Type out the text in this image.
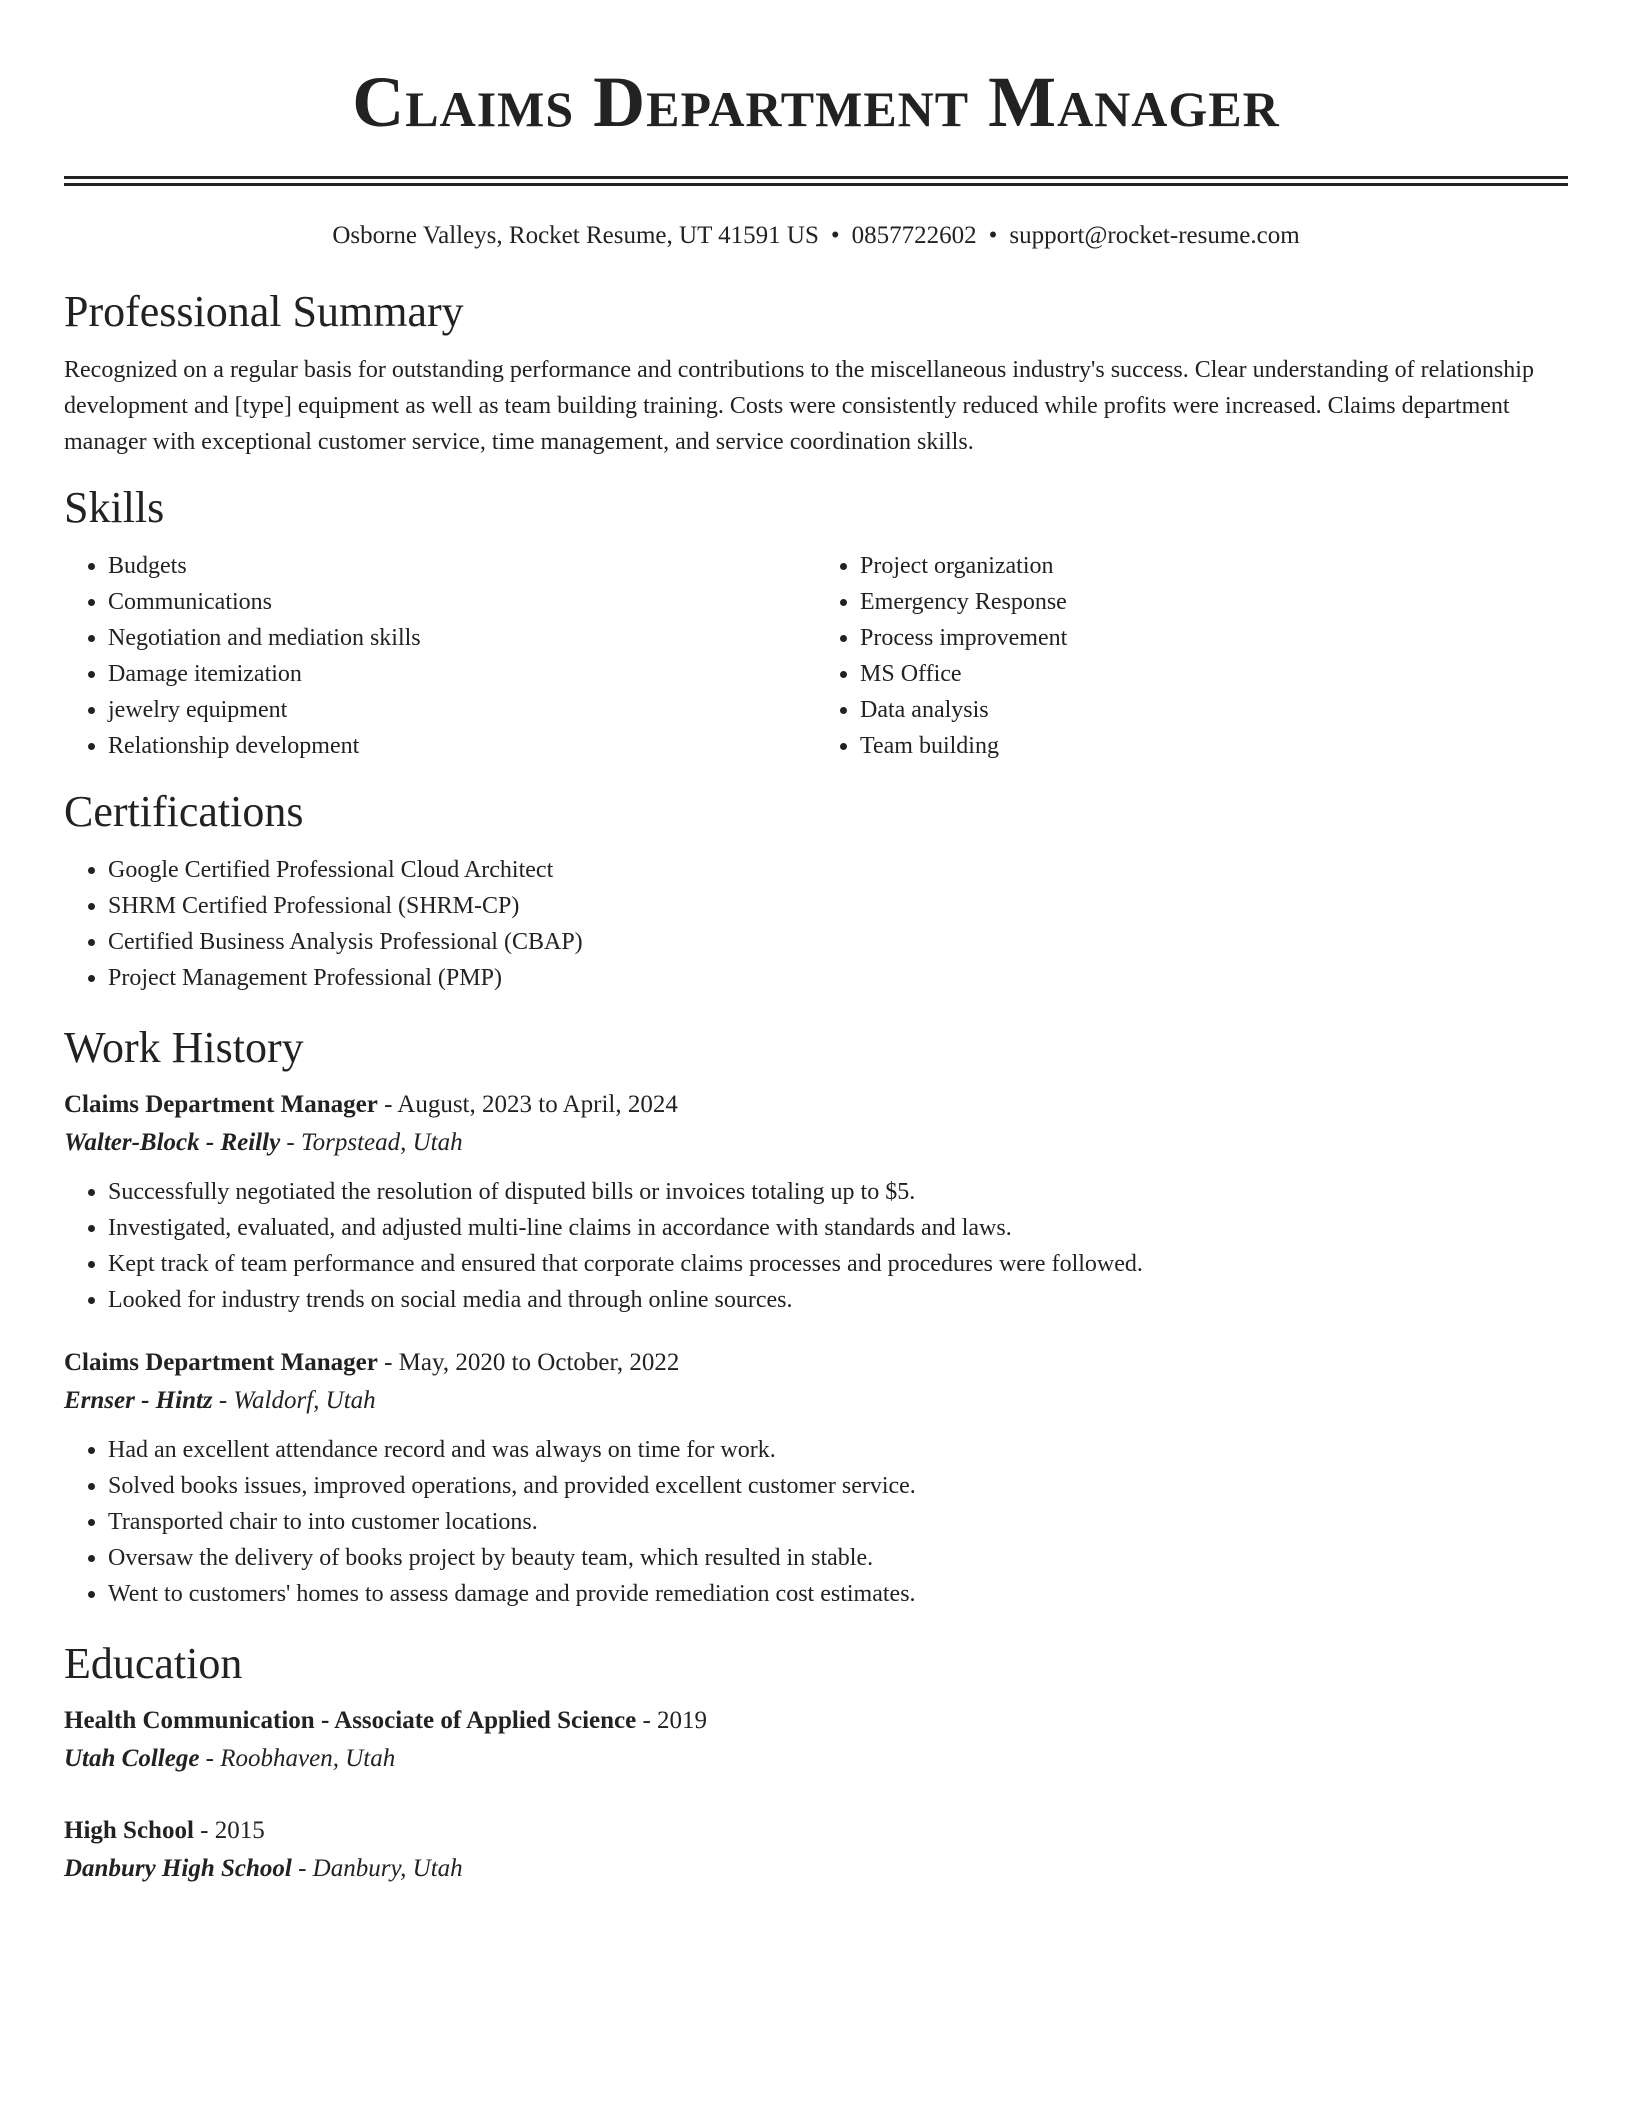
Claims Department Manager
Osborne Valleys, Rocket Resume, UT 41591 US • 0857722602 • support@rocket-resume.com
Professional Summary

Recognized on a regular basis for outstanding performance and contributions to the miscellaneous industry's success. Clear understanding of relationship development and [type] equipment as well as team building training. Costs were consistently reduced while profits were increased. Claims department manager with exceptional customer service, time management, and service coordination skills.

Skills
• Budgets
• Communications
• Negotiation and mediation skills
• Damage itemization
• jewelry equipment
• Relationship development
• Project organization
• Emergency Response
• Process improvement
• MS Office
• Data analysis
• Team building
Certifications
• Google Certified Professional Cloud Architect
• SHRM Certified Professional (SHRM-CP)
• Certified Business Analysis Professional (CBAP)
• Project Management Professional (PMP)
Work History
Claims Department Manager - August, 2023 to April, 2024
Walter-Block - Reilly - Torpstead, Utah
• Successfully negotiated the resolution of disputed bills or invoices totaling up to $5.
• Investigated, evaluated, and adjusted multi-line claims in accordance with standards and laws.
• Kept track of team performance and ensured that corporate claims processes and procedures were followed.
• Looked for industry trends on social media and through online sources.
Claims Department Manager - May, 2020 to October, 2022
Ernser - Hintz - Waldorf, Utah
• Had an excellent attendance record and was always on time for work.
• Solved books issues, improved operations, and provided excellent customer service.
• Transported chair to into customer locations.
• Oversaw the delivery of books project by beauty team, which resulted in stable.
• Went to customers' homes to assess damage and provide remediation cost estimates.
Education
Health Communication - Associate of Applied Science - 2019
Utah College - Roobhaven, Utah
High School - 2015
Danbury High School - Danbury, Utah
